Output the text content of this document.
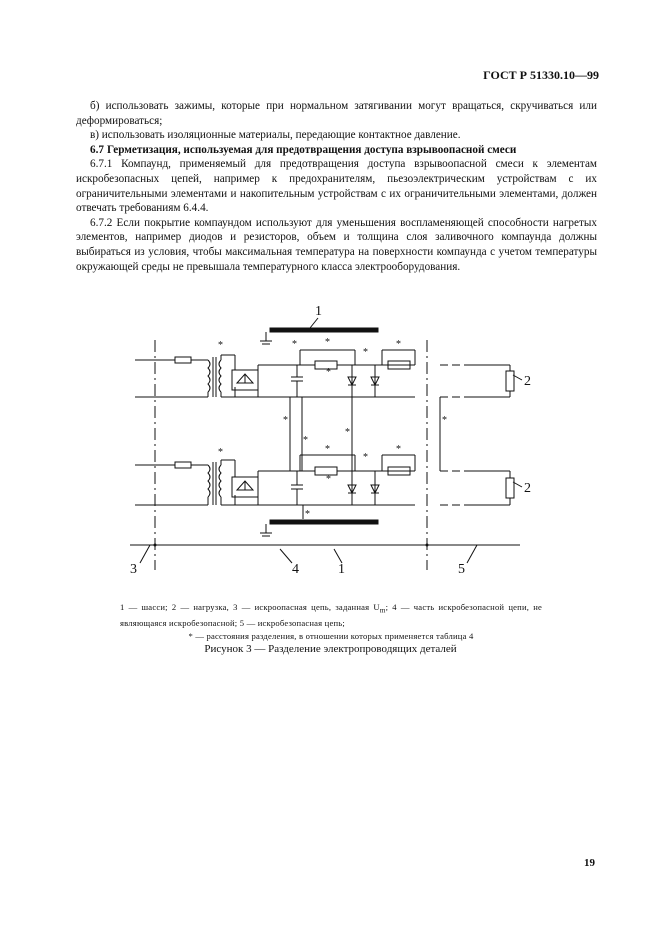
ГОСТ Р 51330.10—99

б) использовать зажимы, которые при нормальном затягивании могут вращаться, скручиваться или деформироваться;

в) использовать изоляционные материалы, передающие контактное давление.

6.7 Герметизация, используемая для предотвращения доступа взрывоопасной смеси

6.7.1 Компаунд, применяемый для предотвращения доступа взрывоопасной смеси к элементам искробезопасных цепей, например к предохранителям, пьезоэлектрическим устройствам с их ограничительными элементами и накопительным устройствам с их ограничительными элементами, должен отвечать требованиям 6.4.4.

6.7.2 Если покрытие компаундом используют для уменьшения воспламеняющей способности нагретых элементов, например диодов и резисторов, объем и толщина слоя заливочного компаунда должны выбираться из условия, чтобы максимальная температура на поверхности компаунда с учетом температуры окружающей среды не превышала температурного класса электрооборудования.

1
1
2
2
3	4	5
*
*
*	*
*
*
*
*
*
*
*
*	*
*
*
*
1 — шасси; 2 — нагрузка, 3 — искроопасная цепь, заданная $U_m$; 4 — часть искробезопасной цепи, не являющаяся искробезопасной; 5 — искробезопасная цепь;
* — расстояния разделения, в отношении которых применяется таблица 4
Рисунок 3 — Разделение электропроводящих деталей
19
